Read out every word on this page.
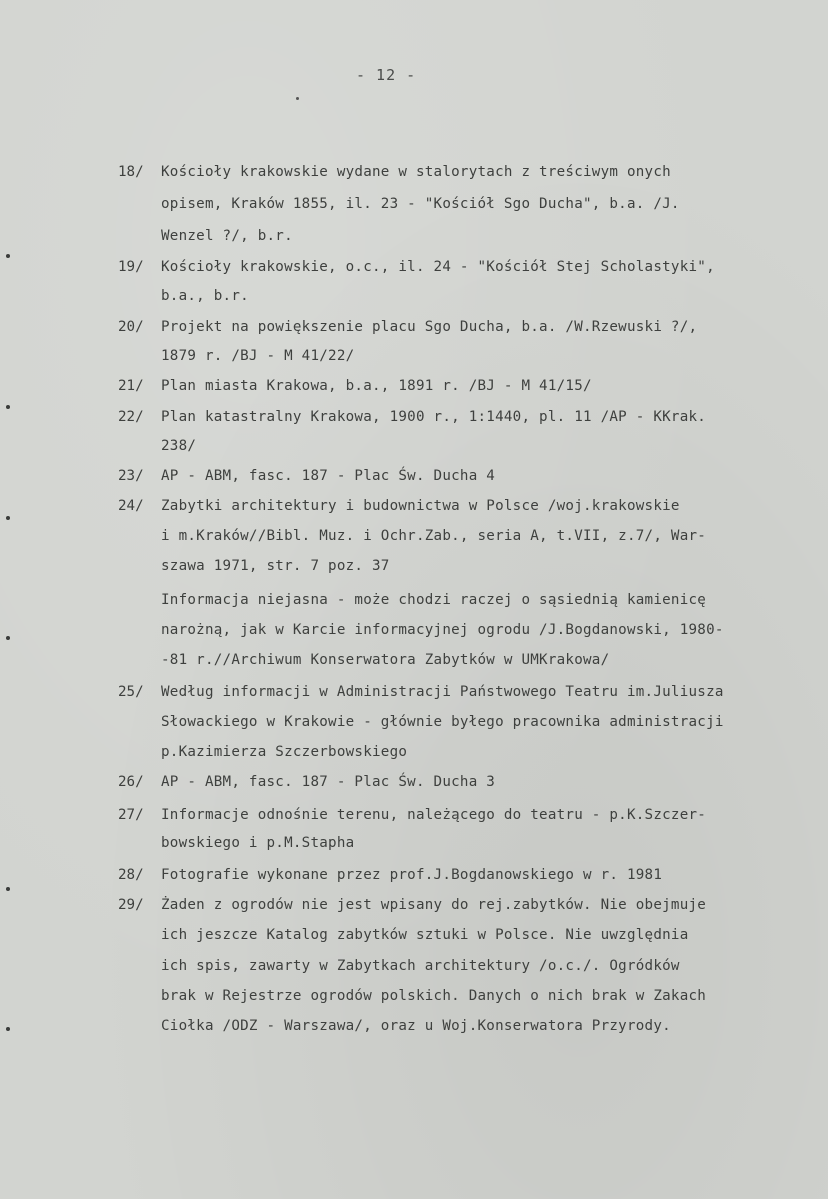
- 12 -
18/ Kościoły krakowskie wydane w stalorytach z treściwym onych
opisem, Kraków 1855, il. 23 - "Kościół Sgo Ducha", b.a. /J.
Wenzel ?/, b.r.
19/ Kościoły krakowskie, o.c., il. 24 - "Kościół Stej Scholastyki",
b.a., b.r.
20/ Projekt na powiększenie placu Sgo Ducha, b.a. /W.Rzewuski ?/,
1879 r. /BJ - M 41/22/
21/ Plan miasta Krakowa, b.a., 1891 r. /BJ - M 41/15/
22/ Plan katastralny Krakowa, 1900 r., 1:1440, pl. 11 /AP - KKrak.
238/
23/ AP - ABM, fasc. 187 - Plac Św. Ducha 4
24/ Zabytki architektury i budownictwa w Polsce /woj.krakowskie
i m.Kraków//Bibl. Muz. i Ochr.Zab., seria A, t.VII, z.7/, War-
szawa 1971, str. 7 poz. 37
Informacja niejasna - może chodzi raczej o sąsiednią kamienicę
narożną, jak w Karcie informacyjnej ogrodu /J.Bogdanowski, 1980-
-81 r.//Archiwum Konserwatora Zabytków w UMKrakowa/
25/ Według informacji w Administracji Państwowego Teatru im.Juliusza
Słowackiego w Krakowie - głównie byłego pracownika administracji
p.Kazimierza Szczerbowskiego
26/ AP - ABM, fasc. 187 - Plac Św. Ducha 3
27/ Informacje odnośnie terenu, należącego do teatru - p.K.Szczer-
bowskiego i p.M.Stapha
28/ Fotografie wykonane przez prof.J.Bogdanowskiego w r. 1981
29/ Żaden z ogrodów nie jest wpisany do rej.zabytków. Nie obejmuje
ich jeszcze Katalog zabytków sztuki w Polsce. Nie uwzględnia
ich spis, zawarty w Zabytkach architektury /o.c./. Ogródków
brak w Rejestrze ogrodów polskich. Danych o nich brak w Zakach
Ciołka /ODZ - Warszawa/, oraz u Woj.Konserwatora Przyrody.
